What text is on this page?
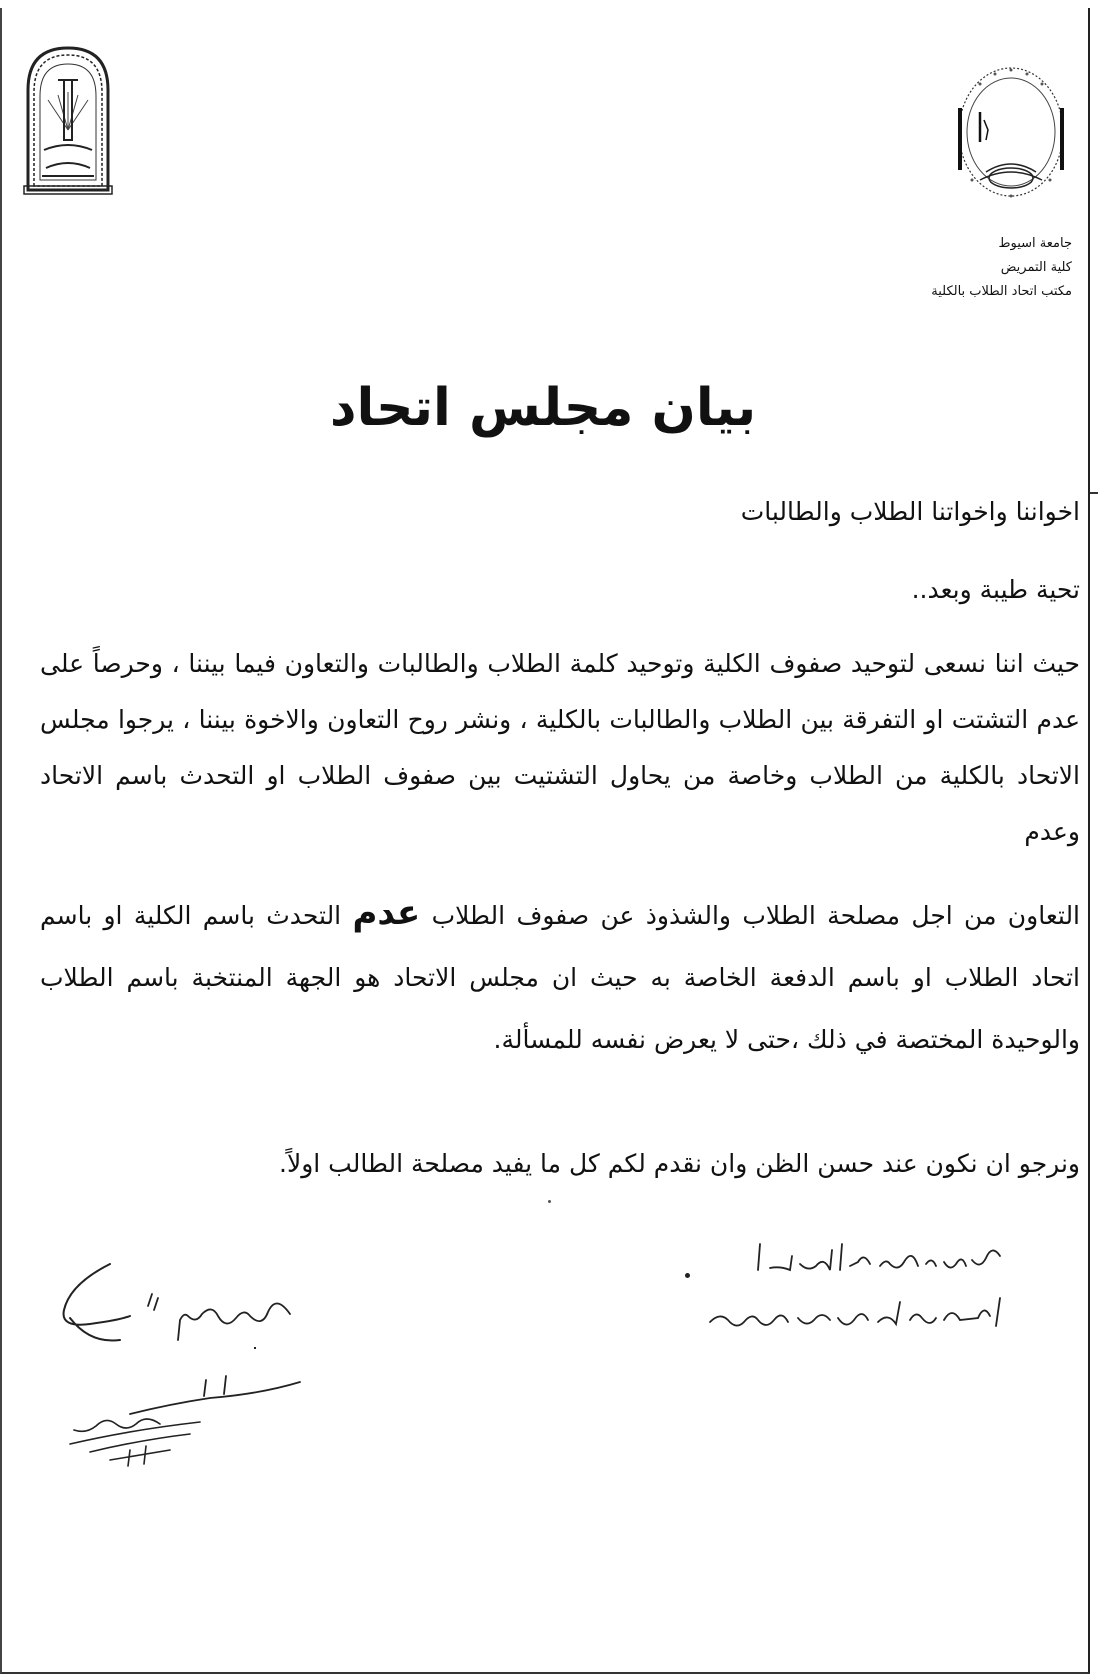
جامعة اسيوط
كلية التمريض
مكتب اتحاد الطلاب بالكلية
بيان مجلس اتحاد

اخواننا واخواتنا الطلاب والطالبات

تحية طيبة وبعد..

حيث اننا نسعى لتوحيد صفوف الكلية وتوحيد كلمة الطلاب والطالبات والتعاون فيما بيننا ، وحرصاً على عدم التشتت او التفرقة بين الطلاب والطالبات بالكلية ، ونشر روح التعاون والاخوة بيننا ، يرجوا مجلس الاتحاد بالكلية من الطلاب وخاصة من يحاول التشتيت بين صفوف الطلاب او التحدث باسم الاتحاد وعدم

التعاون من اجل مصلحة الطلاب والشذوذ عن صفوف الطلاب عدم التحدث باسم الكلية او باسم اتحاد الطلاب او باسم الدفعة الخاصة به حيث ان مجلس الاتحاد هو الجهة المنتخبة باسم الطلاب والوحيدة المختصة في ذلك ،حتى لا يعرض نفسه للمسألة.

ونرجو ان نكون عند حسن الظن وان نقدم لكم كل ما يفيد مصلحة الطالب اولاً.
